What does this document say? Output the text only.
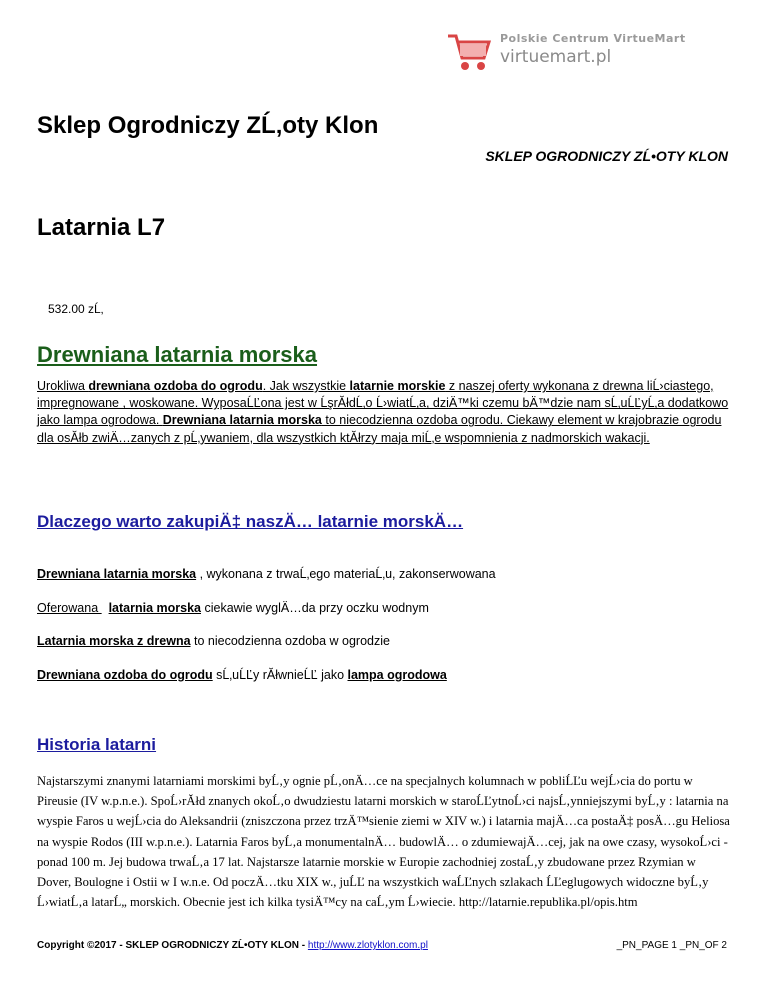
Polskie Centrum VirtueMart
virtuemart.pl
Sklep Ogrodniczy ZĹ‚oty Klon
SKLEP OGRODNICZY ZĹ•OTY KLON
Latarnia L7
532.00 zĹ‚
Drewniana latarnia morska
Urokliwa drewniana ozdoba do ogrodu. Jak wszystkie latarnie morskie z naszej oferty wykonana z drewna liĹ›ciastego, impregnowane , woskowane. WyposaĹĽona jest w ĹşrĂłdĹ‚o Ĺ›wiatĹ‚a, dziÄ™ki czemu bÄ™dzie nam sĹ‚uĹĽyĹ‚a dodatkowo jako lampa ogrodowa. Drewniana latarnia morska to niecodzienna ozdoba ogrodu. Ciekawy element w krajobrazie ogrodu dla osĂłb zwiÄ…zanych z pĹ‚ywaniem, dla wszystkich ktĂłrzy maja miĹ‚e wspomnienia z nadmorskich wakacji.
Dlaczego warto zakupiÄ‡ naszÄ… latarnie morskÄ…
Drewniana latarnia morska , wykonana z trwaĹ‚ego materiaĹ‚u, zakonserwowana
Oferowana   latarnia morska ciekawie wyglÄ…da przy oczku wodnym
Latarnia morska z drewna to niecodzienna ozdoba w ogrodzie
Drewniana ozdoba do ogrodu sĹ‚uĹĽy rĂłwnieĹĽ jako lampa ogrodowa
Historia latarni
Najstarszymi znanymi latarniami morskimi byĹ‚y ognie pĹ‚onÄ…ce na specjalnych kolumnach w pobliĹĽu wejĹ›cia do portu w Pireusie (IV w.p.n.e.). SpoĹ›rĂłd znanych okoĹ‚o dwudziestu latarni morskich w staroĹĽytnoĹ›ci najsĹ‚ynniejszymi byĹ‚y : latarnia na wyspie Faros u wejĹ›cia do Aleksandrii (zniszczona przez trzÄ™sienie ziemi w XIV w.) i latarnia majÄ…ca postaÄ‡ posÄ…gu Heliosa na wyspie Rodos (III w.p.n.e.). Latarnia Faros byĹ‚a monumentalnÄ… budowlÄ… o zdumiewajÄ…cej, jak na owe czasy, wysokoĹ›ci - ponad 100 m. Jej budowa trwaĹ‚a 17 lat. Najstarsze latarnie morskie w Europie zachodniej zostaĹ‚y zbudowane przez Rzymian w Dover, Boulogne i Ostii w I w.n.e. Od poczÄ…tku XIX w., juĹĽ na wszystkich waĹĽnych szlakach ĹĽeglugowych widoczne byĹ‚y Ĺ›wiatĹ‚a latarĹ„ morskich. Obecnie jest ich kilka tysiÄ™cy na caĹ‚ym Ĺ›wiecie. http://latarnie.republika.pl/opis.htm
Copyright ©2017 - SKLEP OGRODNICZY ZĹ•OTY KLON - http://www.zlotyklon.com.pl	_PN_PAGE 1 _PN_OF 2
